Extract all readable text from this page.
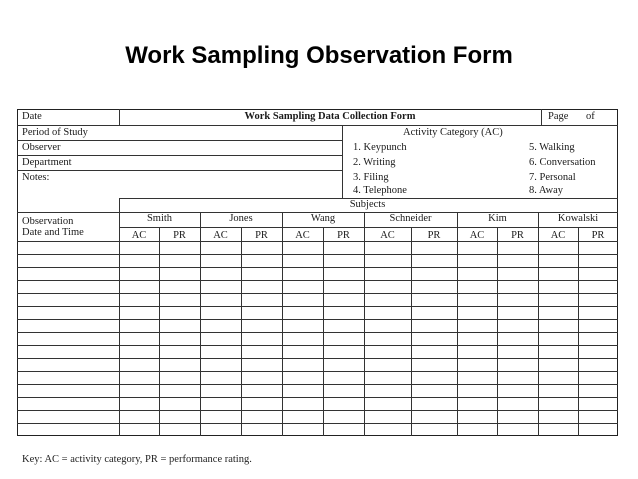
Work Sampling Observation Form
Date	Work Sampling Data Collection Form	Page of
Period of Study
Observer
Department
Notes:
Activity Category (AC)
1. Keypunch
2. Writing
3. Filing
4. Telephone
5. Walking
6. Conversation
7. Personal
8. Away
Subjects
Observation
Date and Time
Smith	Jones	Wang	Schneider	Kim	Kowalski
AC	PR	AC	PR	AC	PR	AC	PR	AC	PR	AC	PR
Key: AC = activity category, PR = performance rating.
